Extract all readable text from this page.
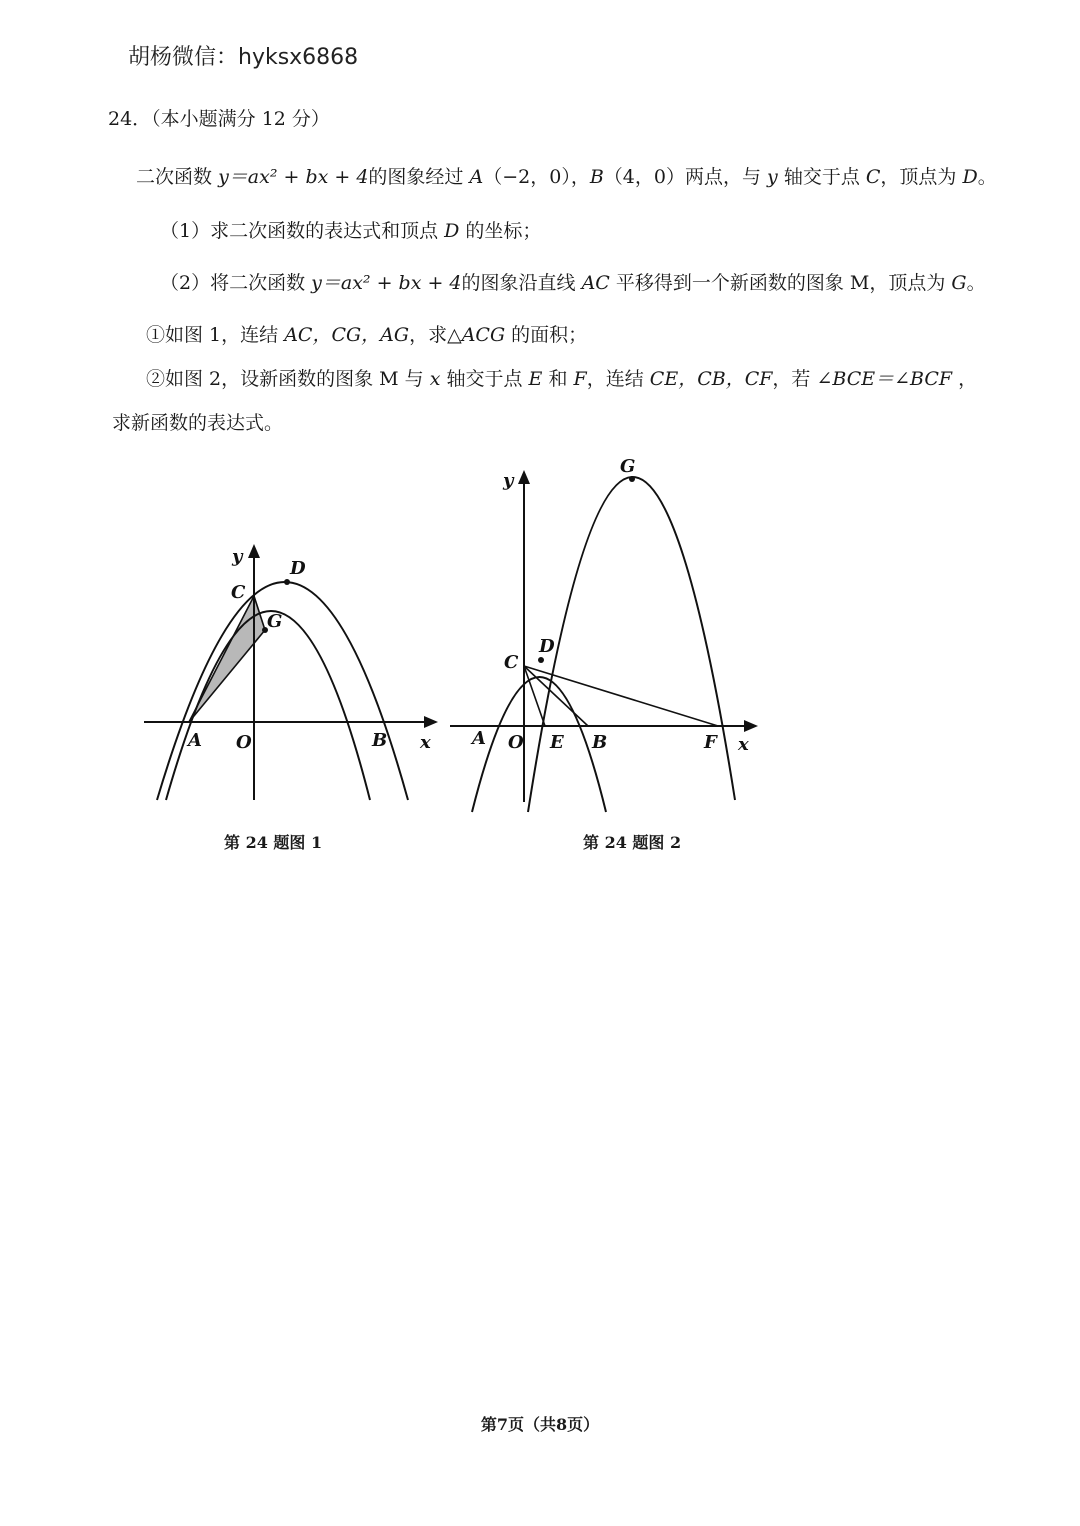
胡杨微信：hyksx6868
24．（本小题满分 12 分）
二次函数 y＝ax² + bx + 4的图象经过 A（−2，0），B（4，0）两点，与 y 轴交于点 C，顶点为 D。
（1）求二次函数的表达式和顶点 D 的坐标；
（2）将二次函数 y＝ax² + bx + 4的图象沿直线 AC 平移得到一个新函数的图象 M，顶点为 G。
①如图 1，连结 AC，CG，AG，求△ACG 的面积；
②如图 2，设新函数的图象 M 与 x 轴交于点 E 和 F，连结 CE，CB，CF，若 ∠BCE＝∠BCF ，
求新函数的表达式。
y
x
A O	B
C
D
G
第 24 题图 1
y
x
A O E B	F
C
D
G
第 24 题图 2
第7页（共8页）
